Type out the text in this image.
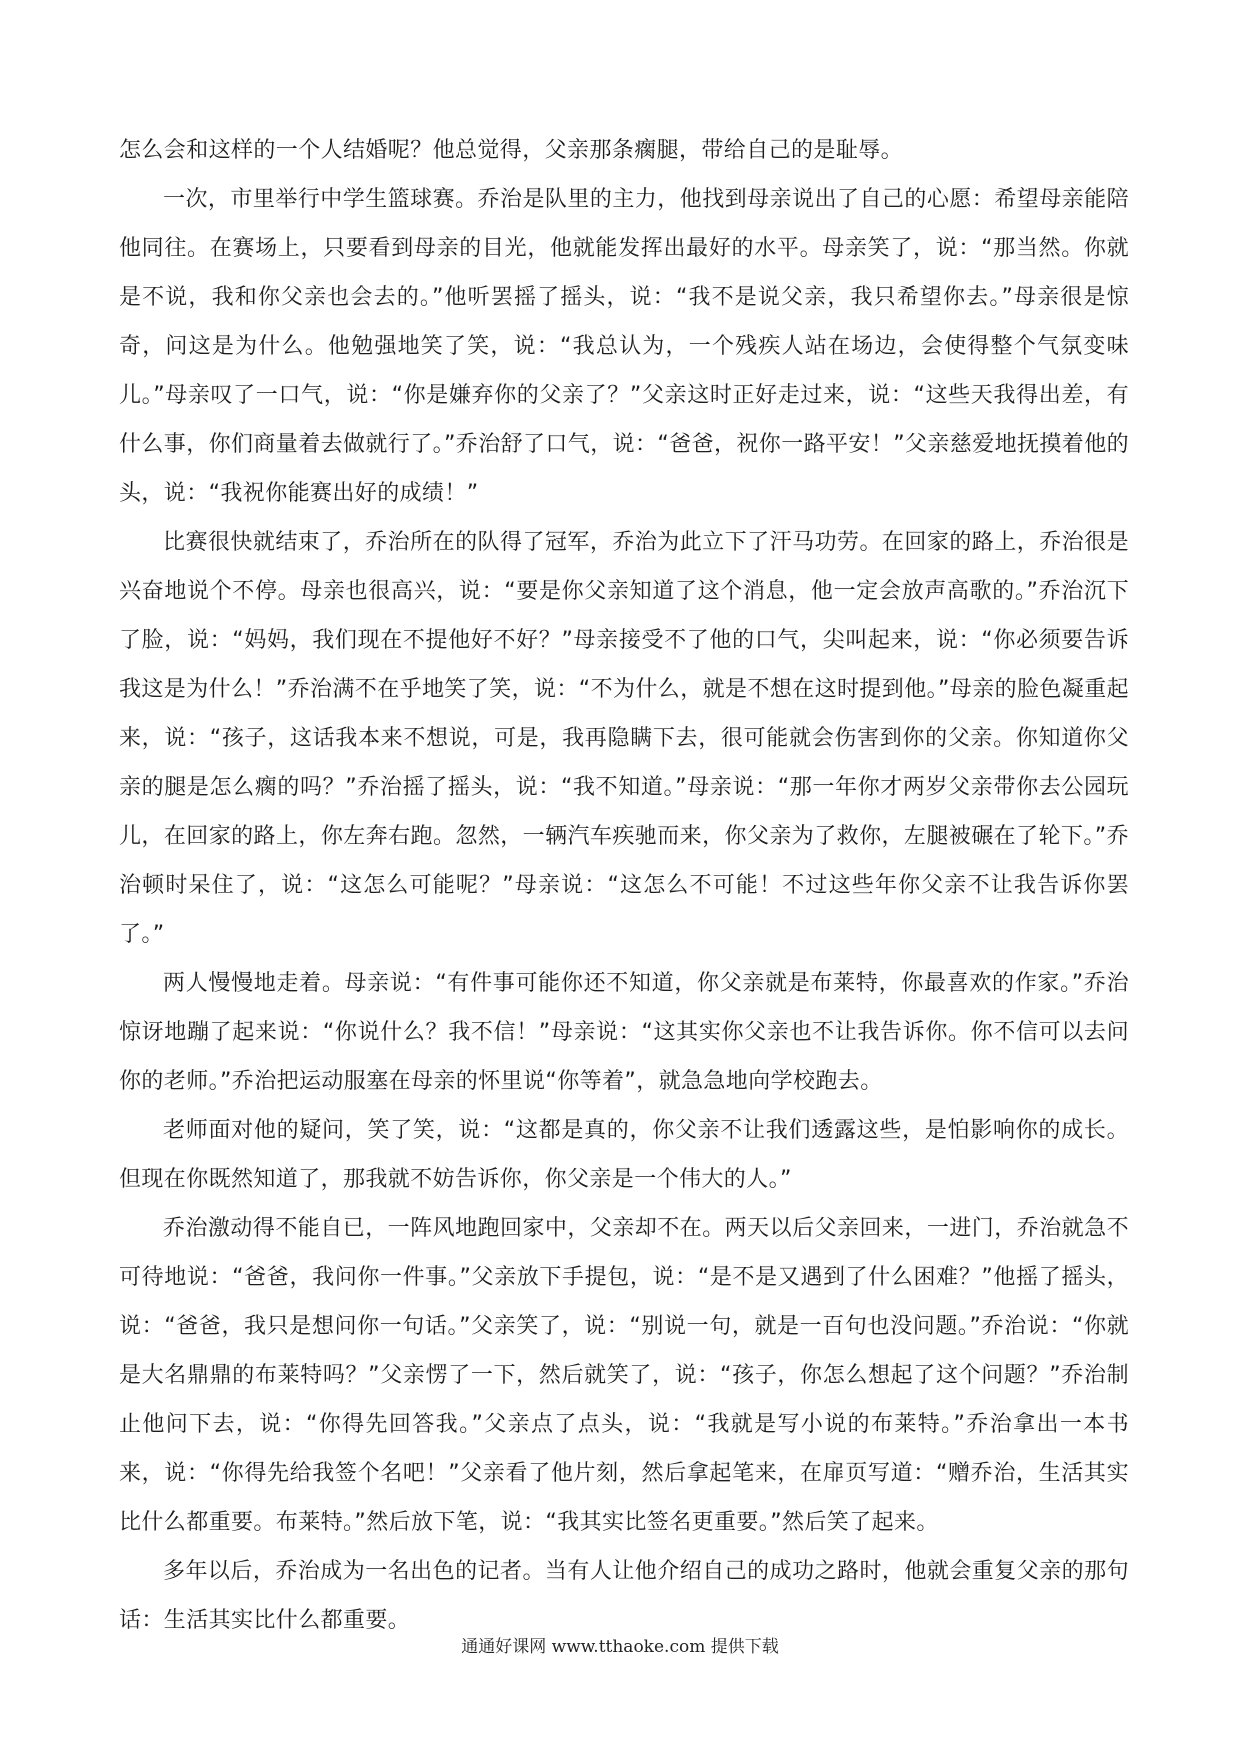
怎么会和这样的一个人结婚呢？他总觉得，父亲那条瘸腿，带给自己的是耻辱。

一次，市里举行中学生篮球赛。乔治是队里的主力，他找到母亲说出了自己的心愿：希望母亲能陪他同往。在赛场上，只要看到母亲的目光，他就能发挥出最好的水平。母亲笑了，说：“那当然。你就是不说，我和你父亲也会去的。”他听罢摇了摇头，说：“我不是说父亲，我只希望你去。”母亲很是惊奇，问这是为什么。他勉强地笑了笑，说：“我总认为，一个残疾人站在场边，会使得整个气氛变味儿。”母亲叹了一口气，说：“你是嫌弃你的父亲了？”父亲这时正好走过来，说：“这些天我得出差，有什么事，你们商量着去做就行了。”乔治舒了口气，说：“爸爸，祝你一路平安！”父亲慈爱地抚摸着他的头，说：“我祝你能赛出好的成绩！”

比赛很快就结束了，乔治所在的队得了冠军，乔治为此立下了汗马功劳。在回家的路上，乔治很是兴奋地说个不停。母亲也很高兴，说：“要是你父亲知道了这个消息，他一定会放声高歌的。”乔治沉下了脸，说：“妈妈，我们现在不提他好不好？”母亲接受不了他的口气，尖叫起来，说：“你必须要告诉我这是为什么！”乔治满不在乎地笑了笑，说：“不为什么，就是不想在这时提到他。”母亲的脸色凝重起来，说：“孩子，这话我本来不想说，可是，我再隐瞒下去，很可能就会伤害到你的父亲。你知道你父亲的腿是怎么瘸的吗？”乔治摇了摇头，说：“我不知道。”母亲说：“那一年你才两岁父亲带你去公园玩儿，在回家的路上，你左奔右跑。忽然，一辆汽车疾驰而来，你父亲为了救你，左腿被碾在了轮下。”乔治顿时呆住了，说：“这怎么可能呢？”母亲说：“这怎么不可能！不过这些年你父亲不让我告诉你罢了。”

两人慢慢地走着。母亲说：“有件事可能你还不知道，你父亲就是布莱特，你最喜欢的作家。”乔治惊讶地蹦了起来说：“你说什么？我不信！”母亲说：“这其实你父亲也不让我告诉你。你不信可以去问你的老师。”乔治把运动服塞在母亲的怀里说“你等着”，就急急地向学校跑去。

老师面对他的疑问，笑了笑，说：“这都是真的，你父亲不让我们透露这些，是怕影响你的成长。但现在你既然知道了，那我就不妨告诉你，你父亲是一个伟大的人。”

乔治激动得不能自已，一阵风地跑回家中，父亲却不在。两天以后父亲回来，一进门，乔治就急不可待地说：“爸爸，我问你一件事。”父亲放下手提包，说：“是不是又遇到了什么困难？”他摇了摇头，说：“爸爸，我只是想问你一句话。”父亲笑了，说：“别说一句，就是一百句也没问题。”乔治说：“你就是大名鼎鼎的布莱特吗？”父亲愣了一下，然后就笑了，说：“孩子，你怎么想起了这个问题？”乔治制止他问下去，说：“你得先回答我。”父亲点了点头，说：“我就是写小说的布莱特。”乔治拿出一本书来，说：“你得先给我签个名吧！”父亲看了他片刻，然后拿起笔来，在扉页写道：“赠乔治，生活其实比什么都重要。布莱特。”然后放下笔，说：“我其实比签名更重要。”然后笑了起来。

多年以后，乔治成为一名出色的记者。当有人让他介绍自己的成功之路时，他就会重复父亲的那句话：生活其实比什么都重要。

通通好课网 www.tthaoke.com 提供下载
